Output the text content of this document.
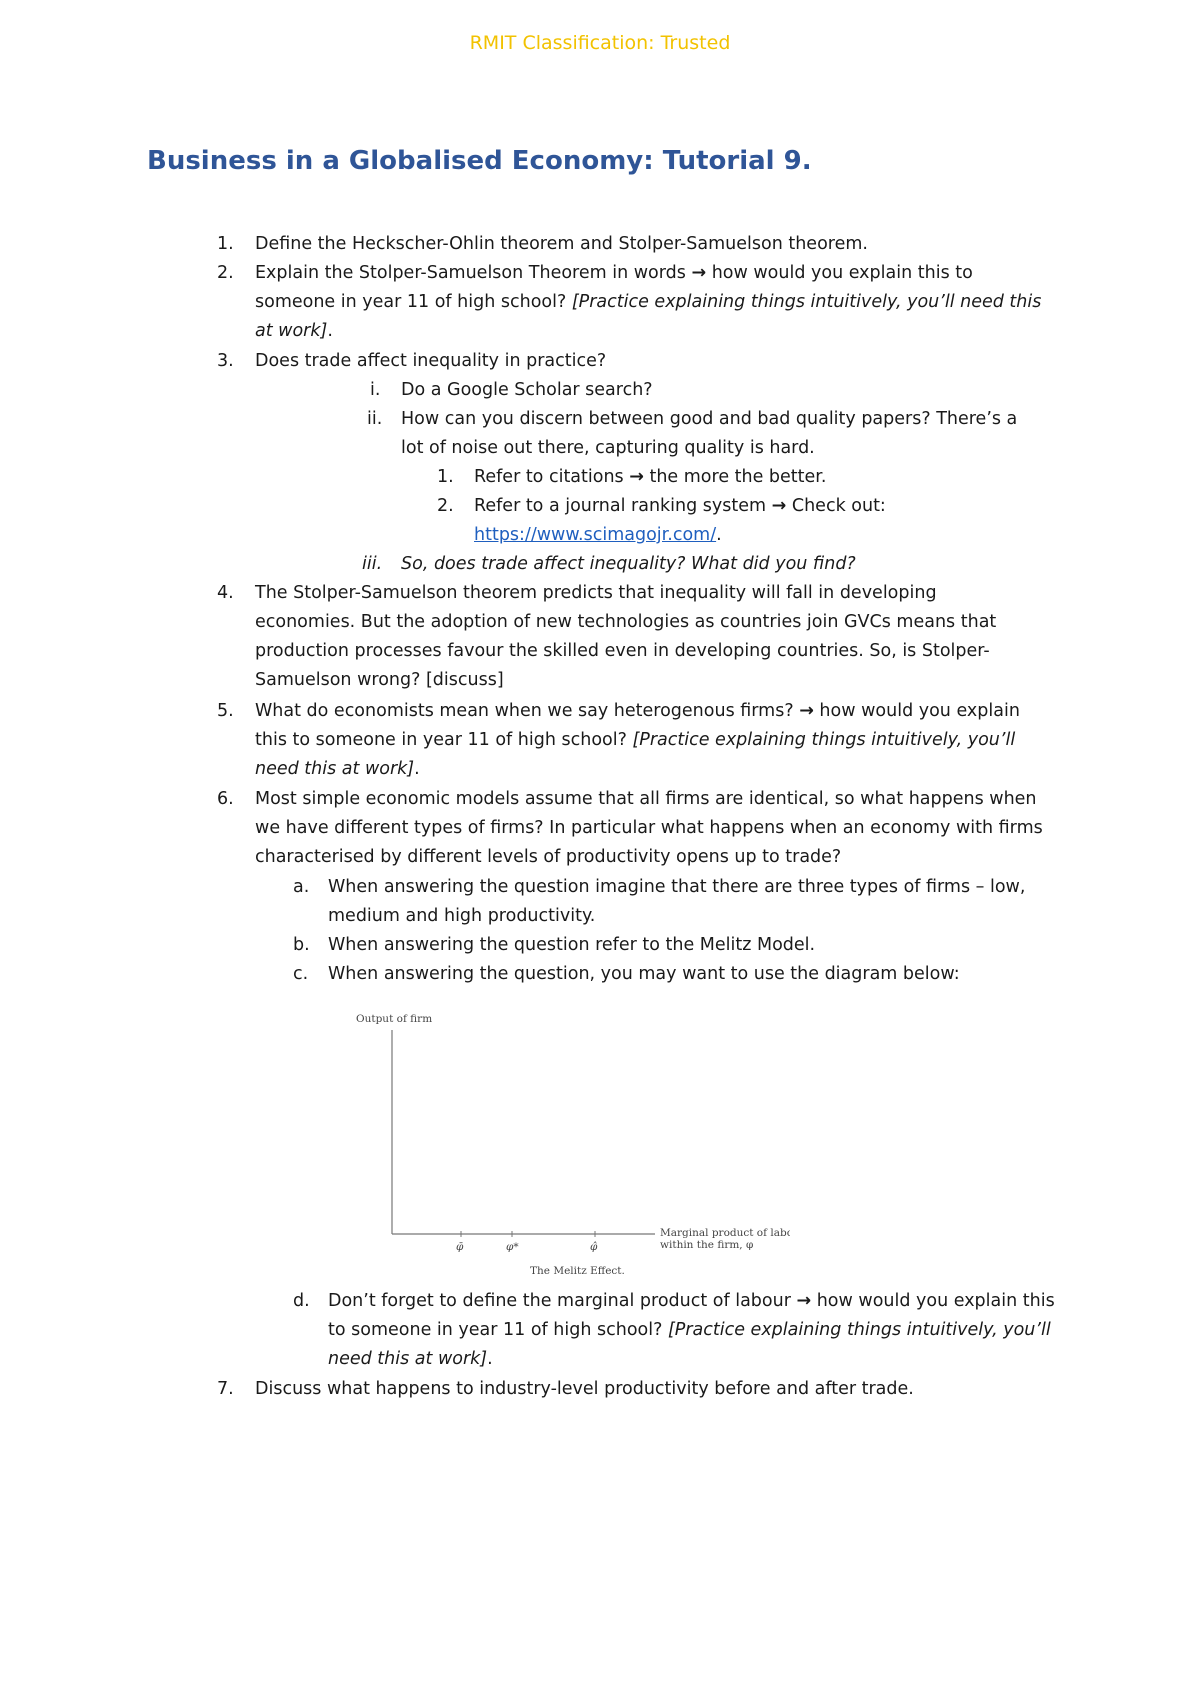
RMIT Classification: Trusted
Business in a Globalised Economy: Tutorial 9.
1. Define the Heckscher-Ohlin theorem and Stolper-Samuelson theorem.
2. Explain the Stolper-Samuelson Theorem in words → how would you explain this to someone in year 11 of high school? [Practice explaining things intuitively, you’ll need this at work].

3. Does trade affect inequality in practice?
i. Do a Google Scholar search?
ii. How can you discern between good and bad quality papers? There’s a lot of noise out there, capturing quality is hard.
1. Refer to citations → the more the better.

2. Refer to a journal ranking system → Check out: https://www.scimagojr.com/.

iii. So, does trade affect inequality? What did you find?
4. The Stolper-Samuelson theorem predicts that inequality will fall in developing economies. But the adoption of new technologies as countries join GVCs means that production processes favour the skilled even in developing countries. So, is Stolper-Samuelson wrong? [discuss]
5. What do economists mean when we say heterogenous firms? → how would you explain this to someone in year 11 of high school? [Practice explaining things intuitively, you’ll need this at work].

6. Most simple economic models assume that all firms are identical, so what happens when we have different types of firms? In particular what happens when an economy with firms characterised by different levels of productivity opens up to trade?
a. When answering the question imagine that there are three types of firms – low, medium and high productivity.
b. When answering the question refer to the Melitz Model.
c. When answering the question, you may want to use the diagram below:
Output of firm
φ̄	φ*	φ̂
Marginal product of labor
within the firm, φ
The Melitz Effect.
d. Don’t forget to define the marginal product of labour → how would you explain this to someone in year 11 of high school? [Practice explaining things intuitively, you’ll need this at work].

7. Discuss what happens to industry-level productivity before and after trade.
